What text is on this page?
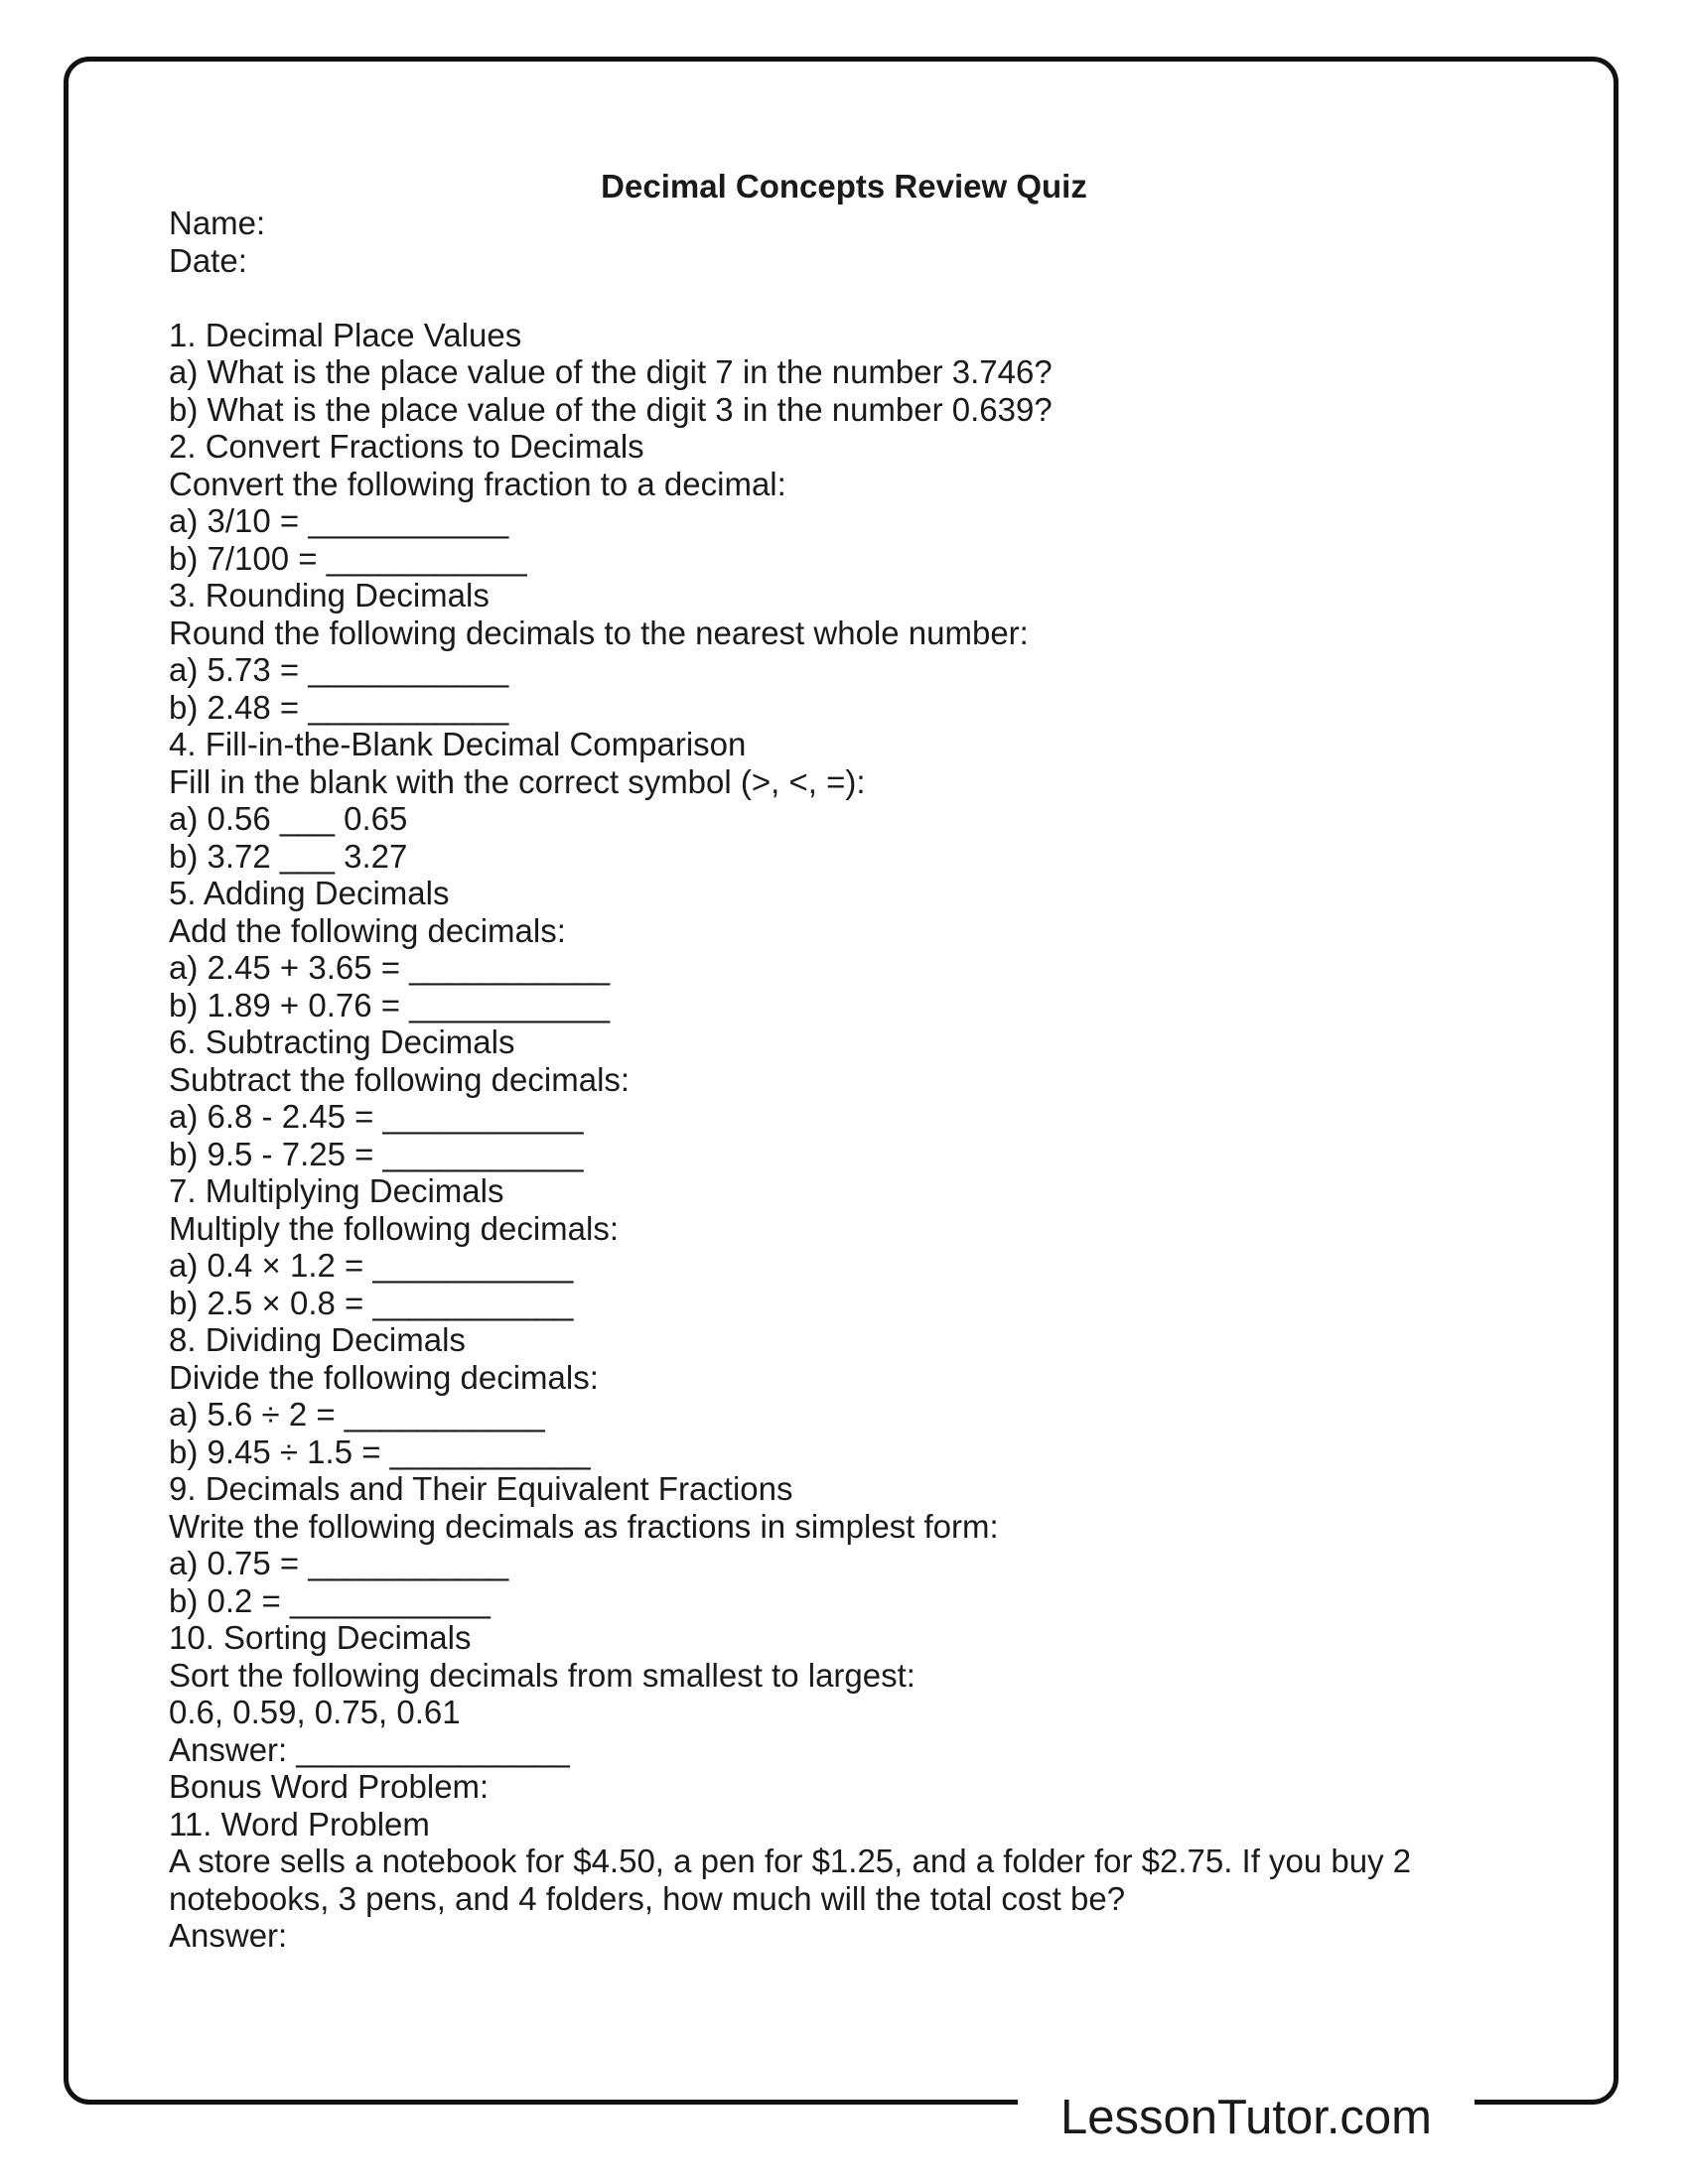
Decimal Concepts Review Quiz
Name:
Date:
1. Decimal Place Values
a) What is the place value of the digit 7 in the number 3.746?
b) What is the place value of the digit 3 in the number 0.639?
2. Convert Fractions to Decimals
Convert the following fraction to a decimal:
a) 3/10 = ___________
b) 7/100 = ___________
3. Rounding Decimals
Round the following decimals to the nearest whole number:
a) 5.73 = ___________
b) 2.48 = ___________
4. Fill-in-the-Blank Decimal Comparison
Fill in the blank with the correct symbol (>, <, =):
a) 0.56 ___ 0.65
b) 3.72 ___ 3.27
5. Adding Decimals
Add the following decimals:
a) 2.45 + 3.65 = ___________
b) 1.89 + 0.76 = ___________
6. Subtracting Decimals
Subtract the following decimals:
a) 6.8 - 2.45 = ___________
b) 9.5 - 7.25 = ___________
7. Multiplying Decimals
Multiply the following decimals:
a) 0.4 × 1.2 = ___________
b) 2.5 × 0.8 = ___________
8. Dividing Decimals
Divide the following decimals:
a) 5.6 ÷ 2 = ___________
b) 9.45 ÷ 1.5 = ___________
9. Decimals and Their Equivalent Fractions
Write the following decimals as fractions in simplest form:
a) 0.75 = ___________
b) 0.2 = ___________
10. Sorting Decimals
Sort the following decimals from smallest to largest:
0.6, 0.59, 0.75, 0.61
Answer: _______________
Bonus Word Problem:
11. Word Problem
A store sells a notebook for $4.50, a pen for $1.25, and a folder for $2.75. If you buy 2 notebooks, 3 pens, and 4 folders, how much will the total cost be?
Answer:
LessonTutor.com
